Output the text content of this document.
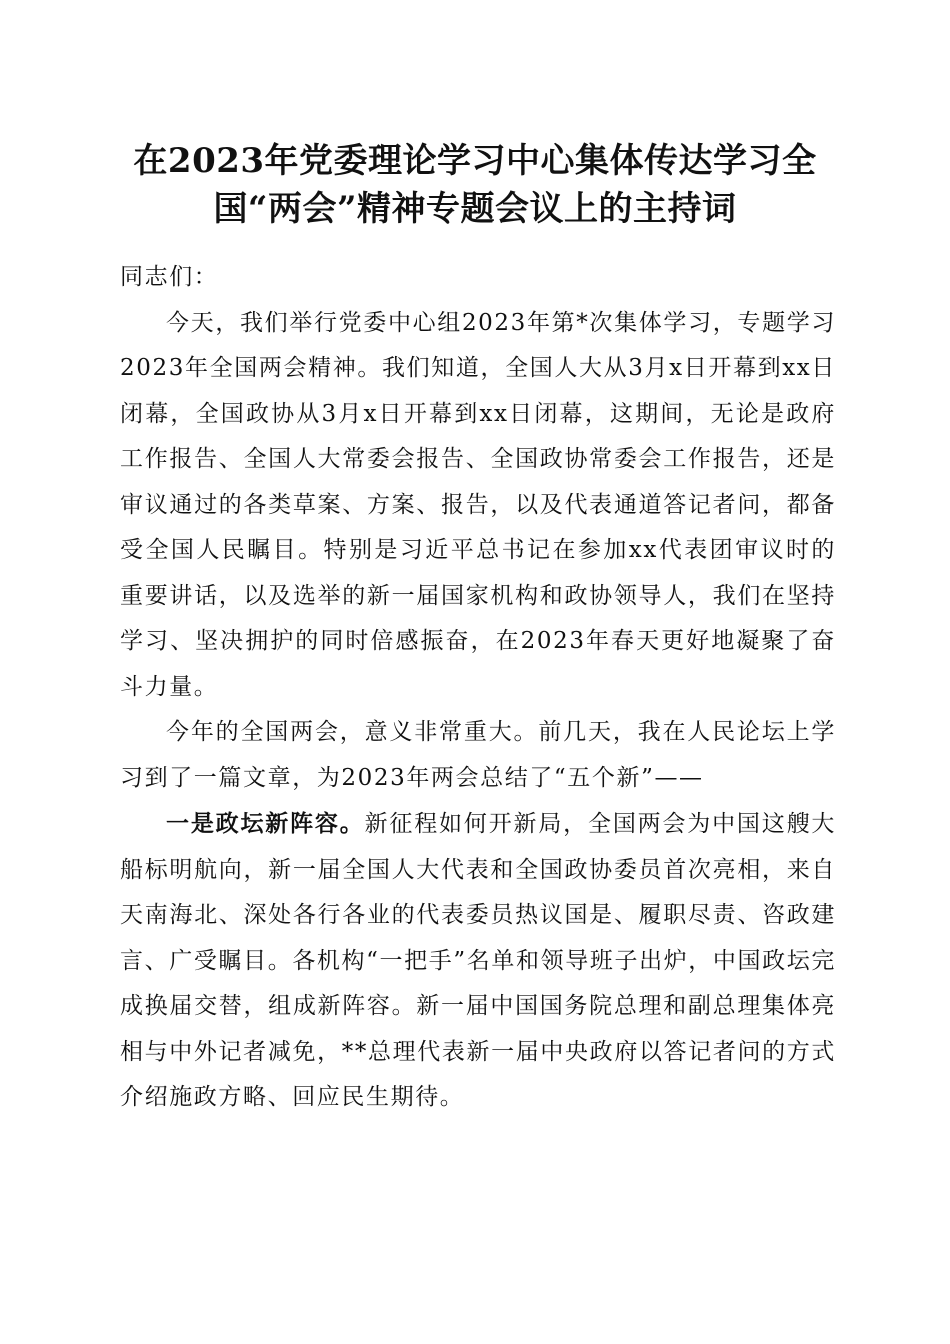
在2023年党委理论学习中心集体传达学习全
国“两会”精神专题会议上的主持词

同志们：

今天，我们举行党委中心组2023年第*次集体学习，专题学习2023年全国两会精神。我们知道，全国人大从3月x日开幕到xx日闭幕，全国政协从3月x日开幕到xx日闭幕，这期间，无论是政府工作报告、全国人大常委会报告、全国政协常委会工作报告，还是审议通过的各类草案、方案、报告，以及代表通道答记者问，都备受全国人民瞩目。特别是习近平总书记在参加xx代表团审议时的重要讲话，以及选举的新一届国家机构和政协领导人，我们在坚持学习、坚决拥护的同时倍感振奋，在2023年春天更好地凝聚了奋斗力量。

今年的全国两会，意义非常重大。前几天，我在人民论坛上学习到了一篇文章，为2023年两会总结了“五个新”——

一是政坛新阵容。新征程如何开新局，全国两会为中国这艘大船标明航向，新一届全国人大代表和全国政协委员首次亮相，来自天南海北、深处各行各业的代表委员热议国是、履职尽责、咨政建言、广受瞩目。各机构“一把手”名单和领导班子出炉，中国政坛完成换届交替，组成新阵容。新一届中国国务院总理和副总理集体亮相与中外记者减免，**总理代表新一届中央政府以答记者问的方式介绍施政方略、回应民生期待。
